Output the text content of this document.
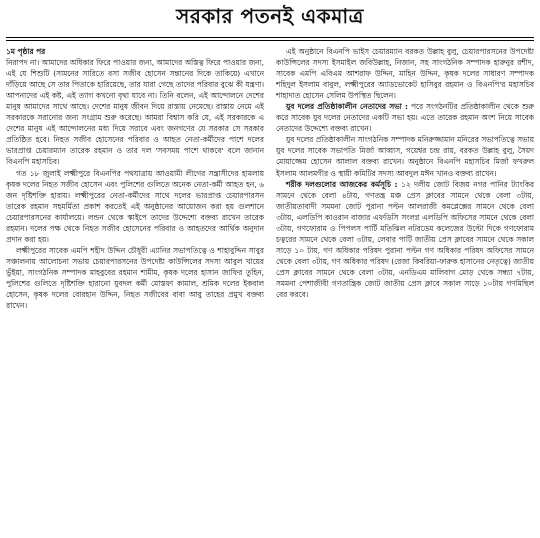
সরকার পতনই একমাত্র

১ম পৃষ্ঠার পর

নিরাপদ না। আমাদের অধিকার ফিরে পাওয়ার জন্য, আমাদের অস্তিত্ব ফিরে পাওয়ার জন্য, এই যে শিশুটি (সামনের সারিতে বসা সজীব হোসেন সন্তানের দিকে তাকিয়ে) এখানে দাঁড়িয়ে আছে সে তার পিতাকে হারিয়েছে, তার যারা গেছে তাদের পরিবার বুঝে কী যন্ত্রণা। আপনাদের এই কষ্ট, এই ত্যাগ কখনো বৃথা যাবে না। তিনি বলেন, এই আন্দোলনে দেশের মানুষ আমাদের সাথে আছে। দেশের মানুষ জীবন দিয়ে রাস্তায় নেমেছে। রাস্তায় নেমে এই সরকারকে সরানোর জন্য সংগ্রাম শুরু করেছে। আমরা বিশ্বাস করি যে, এই সরকারকে এ দেশের মানুষ এই আন্দোলনের মধ্য দিয়ে সরাবে এবং জনগণের যে সরকার সে সরকার প্রতিষ্ঠিত হবে। নিহত সজীব হোসেনের পরিবার ও আহত নেতা-কর্মীদের পাশে দলের ভারপ্রাপ্ত চেয়ারম্যান তারেক রহমান ও তার দল 'সবসময় পাশে থাকবে' বলে জানান বিএনপি মহাসচিব।

গত ১৮ জুলাই লক্ষ্মীপুরে বিএনপির পথযাত্রায় আওয়ামী লীগের সন্ত্রাসীদের হামলায় কৃষক দলের নিহত সজীব হোসেন এবং পুলিশের গুলিতে অনেক নেতা-কর্মী আহত হন, ৬ জন দৃষ্টিশক্তি হারায়। লক্ষ্মীপুরের নেতা-কর্মীদের সাথে দলের ভারপ্রাপ্ত চেয়ারপারসন তারেক রহমান সহমর্মিতা প্রকাশ করতেই এই অনুষ্ঠানের আয়োজন করা হয় গুলশানে চেয়ারপারসনের কার্যালয়ে। লন্ডন থেকে স্কাইপে তাদের উদ্দেশ্যে বক্তব্য রাখেন তারেক রহমান। দলের পক্ষ থেকে নিহত সজীব হোসেনের পরিবার ও আহতদের আর্থিক অনুদান প্রদান করা হয়।

লক্ষ্মীপুরের সাবেক এমপি শহীদ উদ্দিন চৌধুরী এ্যানির সভাপতিত্বে ও শাহাবুদ্দিন সাবুর সঞ্চালনায় আলোচনা সভায় চেয়ারপারসনের উপদেষ্টা কাউন্সিলের সদস্য আবুল খায়ের ভুঁইয়া, সাংগঠনিক সম্পাদক মাহবুবের রহমান শামীম, কৃষক দলের হাসান জাফির তুহিন, পুলিশের গুলিতে দৃষ্টিশক্তি হারানো যুবদল কর্মী মোস্তফা কামাল, শ্রমিক দলের ইকবাল হোসেন, কৃষক দলের বোরহান উদ্দিন, নিহত সজীবের বাবা আবু তাহের প্রমুখ বক্তব্য রাখেন।

এই অনুষ্ঠানে বিএনপি ভাইস চেয়ারম্যান বরকত উল্লাহ বুলু, চেয়ারপারসনের উপদেষ্টা কাউন্সিলের সদস্য ইসমাইল জবিউল্লাহ, নিজান, সহ সাংগঠনিক সম্পাদক হারুনুর রশীদ, সাবেক এমপি এবিএম আশরাফ উদ্দিন, মাহিন উদ্দিন, কৃষক দলের সাধারণ সম্পাদক শহিদুল ইসলাম বাবুল, লক্ষ্মীপুরের অ্যাডভোকেট হাসিবুর রহমান ও বিএনপি'র মহাসচিব শাহাদাত হোসেন সেলিম উপস্থিত ছিলেন।

যুব দলের প্রতিষ্ঠাকালীন নেতাদের সভা : পরে সংগঠনটির প্রতিষ্ঠাকালীন থেকে শুরু করে সাবেক যুব দলের নেতাদের একটি সভা হয়। এতে তারেক রহমান অংশ নিয়ে সাবেক নেতাদের উদ্দেশ্যে বক্তব্য রাখেন।

যুব দলের প্রতিষ্ঠাকালীন সাংগঠনিক সম্পাদক মনিরুজ্জামান মনিরের সভাপতিত্বে সভায় যুব দলের সাবেক সভাপতি মির্জা আব্বাস, গয়েশ্বর চন্দ্র রায়, বরকত উল্লাহ বুলু, সৈয়দ মোয়াজ্জেম হোসেন আলাল বক্তব্য রাখেন। অনুষ্ঠানে বিএনপি মহাসচিব মির্জা ফখরুল ইসলাম আলমগীর ও স্থায়ী কমিটির সদস্য আবদুল মঈন খানও বক্তব্য রাখেন।

শরীক দলগুলোর আজকের কর্মসূচি : ১২ দলীয় জোট বিজয় নগর পানির ট্যাংকির সামনে থেকে বেলা ৪টায়, গণতন্ত্র মঞ্চ প্রেস ক্লাবের সামনে থেকে বেলা ৩টায়, জাতীয়তাবাদী সমমনা জোট পুরানা পল্টন আলরাজী কমপ্লেক্সের সামনে থেকে বেলা ৩টায়, এলডিপি কাওরান বাজার এফডিসি সংলগ্ন এলডিপি অফিসের সামনে থেকে বেলা ৩টায়, গণফোরাম ও পিপলস পার্টি মতিঝিল নটরডেম কলেজের উল্টো দিকে গণফোরাম চত্বরের সামনে থেকে বেলা ৩টায়, লেবার পার্টি জাতীয় প্রেস ক্লাবের সামনে থেকে সকাল সাড়ে ১০ টায়, গণ অধিকার পরিষদ পুরানা পল্টন গণ অধিকার পরিষদ অফিসের সামনে থেকে বেলা ৩টায়, গণ অধিকার পরিষদ (রেজা কিবরিয়া-ফারুক হাসানের নেতৃত্বে) জাতীয় প্রেস ক্লাবের সামনে থেকে বেলা ৩টায়, এনডিএম মালিবাগ মোড় থেকে সন্ধ্যা ৭টায়, সমমনা পেশাজীবী গণতান্ত্রিক জোট জাতীয় প্রেস ক্লাবে সকাল সাড়ে ১০টায় গণমিছিল বের করবে।
